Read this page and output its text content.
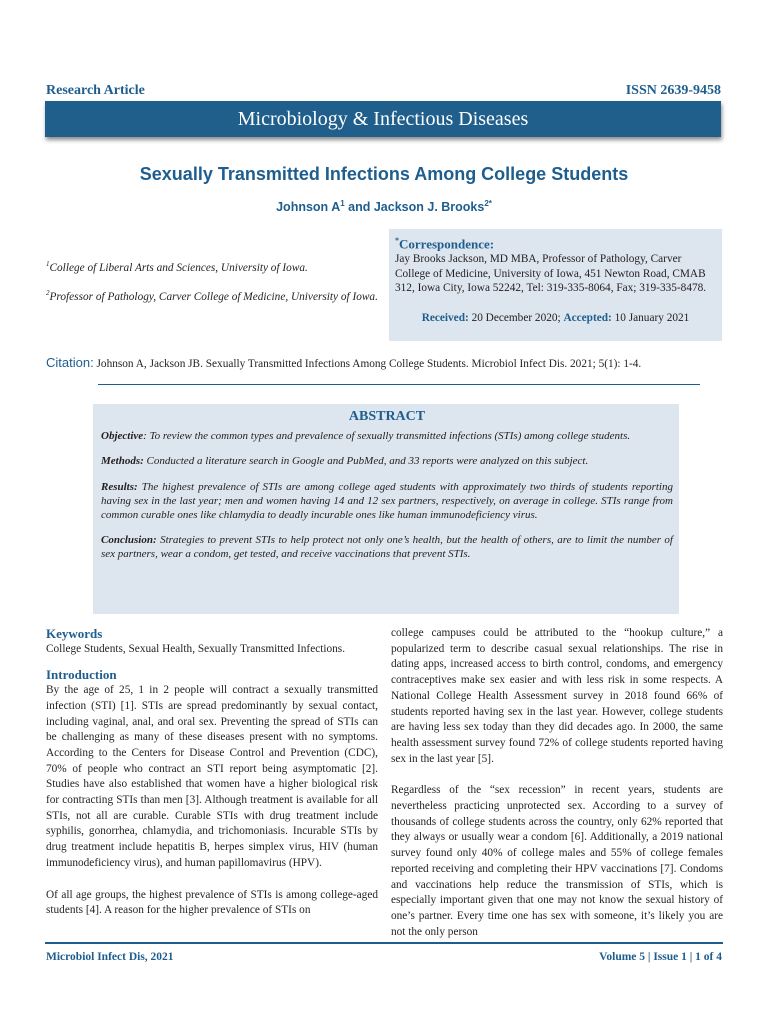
Research Article	ISSN 2639-9458
Microbiology & Infectious Diseases
Sexually Transmitted Infections Among College Students
Johnson $A^1$ and Jackson J. Brooks$^{2*}$
$^1$College of Liberal Arts and Sciences, University of Iowa.
$^2$Professor of Pathology, Carver College of Medicine, University of Iowa.
*Correspondence:
Jay Brooks Jackson, MD MBA, Professor of Pathology, Carver College of Medicine, University of Iowa, 451 Newton Road, CMAB 312, Iowa City, Iowa 52242, Tel: 319-335-8064, Fax; 319-335-8478.
Received: 20 December 2020; Accepted: 10 January 2021
Citation: Johnson A, Jackson JB. Sexually Transmitted Infections Among College Students. Microbiol Infect Dis. 2021; 5(1): 1-4.
ABSTRACT

Objective: To review the common types and prevalence of sexually transmitted infections (STIs) among college students.

Methods: Conducted a literature search in Google and PubMed, and 33 reports were analyzed on this subject.

Results: The highest prevalence of STIs are among college aged students with approximately two thirds of students reporting having sex in the last year; men and women having 14 and 12 sex partners, respectively, on average in college. STIs range from common curable ones like chlamydia to deadly incurable ones like human immunodeficiency virus.

Conclusion: Strategies to prevent STIs to help protect not only one’s health, but the health of others, are to limit the number of sex partners, wear a condom, get tested, and receive vaccinations that prevent STIs.

Keywords

College Students, Sexual Health, Sexually Transmitted Infections.

Introduction

By the age of 25, 1 in 2 people will contract a sexually transmitted infection (STI) [1]. STIs are spread predominantly by sexual contact, including vaginal, anal, and oral sex. Preventing the spread of STIs can be challenging as many of these diseases present with no symptoms. According to the Centers for Disease Control and Prevention (CDC), 70% of people who contract an STI report being asymptomatic [2]. Studies have also established that women have a higher biological risk for contracting STIs than men [3]. Although treatment is available for all STIs, not all are curable. Curable STIs with drug treatment include syphilis, gonorrhea, chlamydia, and trichomoniasis. Incurable STIs by drug treatment include hepatitis B, herpes simplex virus, HIV (human immunodeficiency virus), and human papillomavirus (HPV).

Of all age groups, the highest prevalence of STIs is among college-aged students [4]. A reason for the higher prevalence of STIs on

college campuses could be attributed to the “hookup culture,” a popularized term to describe casual sexual relationships. The rise in dating apps, increased access to birth control, condoms, and emergency contraceptives make sex easier and with less risk in some respects. A National College Health Assessment survey in 2018 found 66% of students reported having sex in the last year. However, college students are having less sex today than they did decades ago. In 2000, the same health assessment survey found 72% of college students reported having sex in the last year [5].

Regardless of the “sex recession” in recent years, students are nevertheless practicing unprotected sex. According to a survey of thousands of college students across the country, only 62% reported that they always or usually wear a condom [6]. Additionally, a 2019 national survey found only 40% of college males and 55% of college females reported receiving and completing their HPV vaccinations [7]. Condoms and vaccinations help reduce the transmission of STIs, which is especially important given that one may not know the sexual history of one’s partner. Every time one has sex with someone, it’s likely you are not the only person

Microbiol Infect Dis, 2021	Volume 5 | Issue 1 | 1 of 4
